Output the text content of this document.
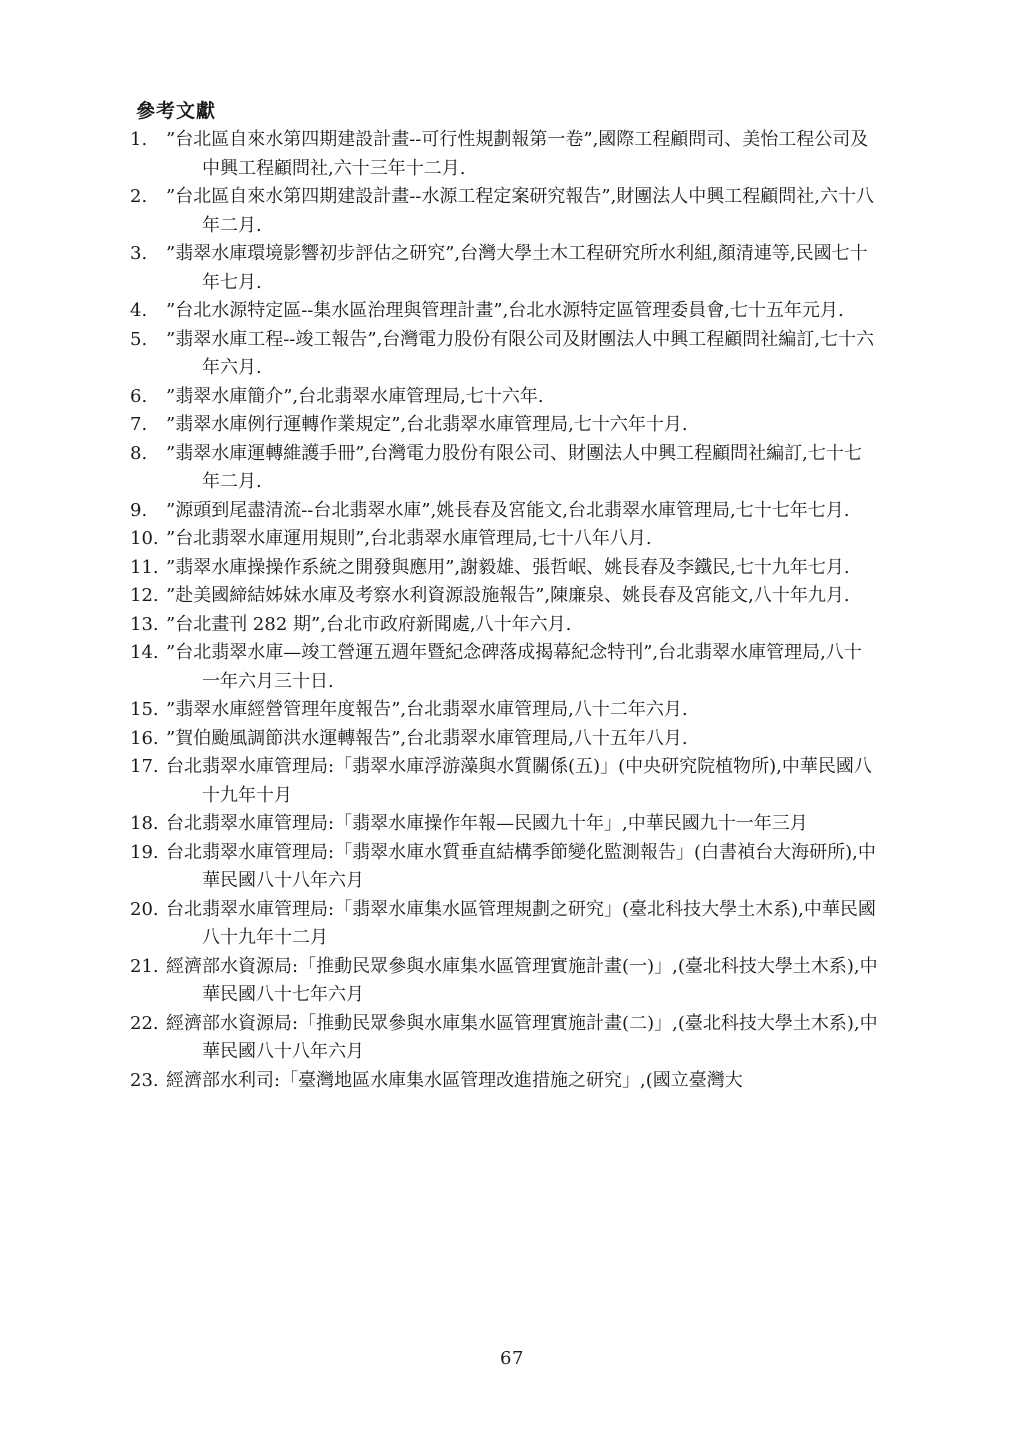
參考文獻
1. ”台北區自來水第四期建設計畫--可行性規劃報第一卷”,國際工程顧問司、美怡工程公司及中興工程顧問社,六十三年十二月.
2. ”台北區自來水第四期建設計畫--水源工程定案研究報告”,財團法人中興工程顧問社,六十八年二月.
3. ”翡翠水庫環境影響初步評估之研究”,台灣大學土木工程研究所水利組,顏清連等,民國七十年七月.
4. ”台北水源特定區--集水區治理與管理計畫”,台北水源特定區管理委員會,七十五年元月.
5. ”翡翠水庫工程--竣工報告”,台灣電力股份有限公司及財團法人中興工程顧問社編訂,七十六年六月.
6. ”翡翠水庫簡介”,台北翡翠水庫管理局,七十六年.
7. ”翡翠水庫例行運轉作業規定”,台北翡翠水庫管理局,七十六年十月.
8. ”翡翠水庫運轉維護手冊”,台灣電力股份有限公司、財團法人中興工程顧問社編訂,七十七年二月.
9. ”源頭到尾盡清流--台北翡翠水庫”,姚長春及宮能文,台北翡翠水庫管理局,七十七年七月.
10. ”台北翡翠水庫運用規則”,台北翡翠水庫管理局,七十八年八月.
11. ”翡翠水庫操操作系統之開發與應用”,謝毅雄、張哲岷、姚長春及李鐵民,七十九年七月.
12. ”赴美國締結姊妹水庫及考察水利資源設施報告”,陳廉泉、姚長春及宮能文,八十年九月.
13. ”台北畫刊 282 期”,台北市政府新聞處,八十年六月.
14. ”台北翡翠水庫—竣工營運五週年暨紀念碑落成揭幕紀念特刊”,台北翡翠水庫管理局,八十一年六月三十日.
15. ”翡翠水庫經營管理年度報告”,台北翡翠水庫管理局,八十二年六月.
16. ”賀伯颱風調節洪水運轉報告”,台北翡翠水庫管理局,八十五年八月.
17. 台北翡翠水庫管理局:「翡翠水庫浮游藻與水質關係(五)」(中央研究院植物所),中華民國八十九年十月
18. 台北翡翠水庫管理局:「翡翠水庫操作年報—民國九十年」,中華民國九十一年三月
19. 台北翡翠水庫管理局:「翡翠水庫水質垂直結構季節變化監測報告」(白書禎台大海研所),中華民國八十八年六月
20. 台北翡翠水庫管理局:「翡翠水庫集水區管理規劃之研究」(臺北科技大學土木系),中華民國八十九年十二月
21. 經濟部水資源局:「推動民眾參與水庫集水區管理實施計畫(一)」,(臺北科技大學土木系),中華民國八十七年六月
22. 經濟部水資源局:「推動民眾參與水庫集水區管理實施計畫(二)」,(臺北科技大學土木系),中華民國八十八年六月
23. 經濟部水利司:「臺灣地區水庫集水區管理改進措施之研究」,(國立臺灣大
67
